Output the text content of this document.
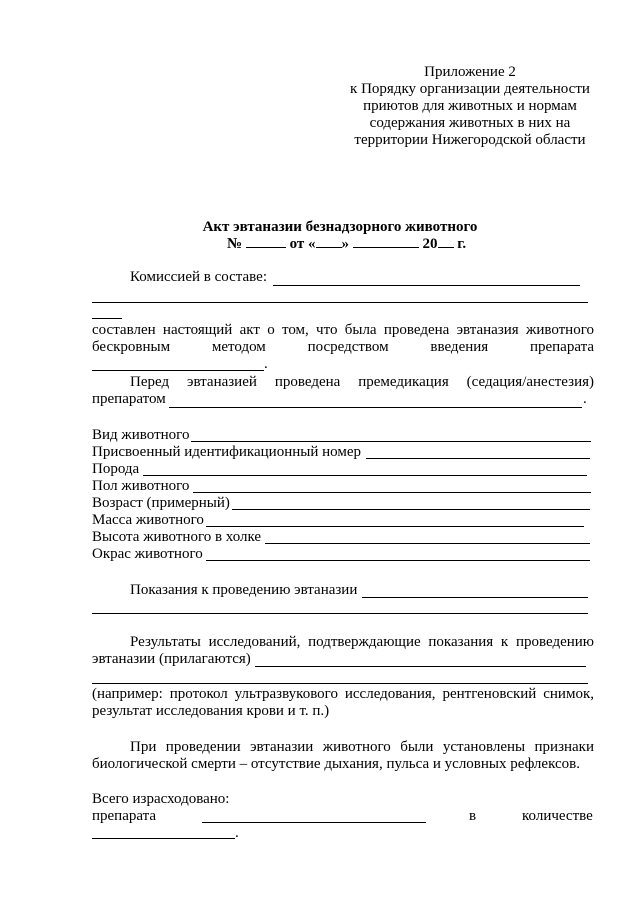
Приложение 2
к Порядку организации деятельности
приютов для животных и нормам
содержания животных в них на
территории Нижегородской области
Акт эвтаназии безнадзорного животного
№	от « »	20 г.
Комиссией в составе:
составлен настоящий акт о том, что была проведена эвтаназия животного
бескровным методом посредством введения препарата
.
Перед эвтаназией проведена премедикация (седация/анестезия)
препаратом	.
Вид животного
Присвоенный идентификационный номер
Порода
Пол животного
Возраст (примерный)
Масса животного
Высота животного в холке
Окрас животного
Показания к проведению эвтаназии
Результаты исследований, подтверждающие показания к проведению
эвтаназии (прилагаются)
(например: протокол ультразвукового исследования, рентгеновский снимок,
результат исследования крови и т. п.)
При проведении эвтаназии животного были установлены признаки
биологической смерти – отсутствие дыхания, пульса и условных рефлексов.
Всего израсходовано:
препарата	в	количестве
.
